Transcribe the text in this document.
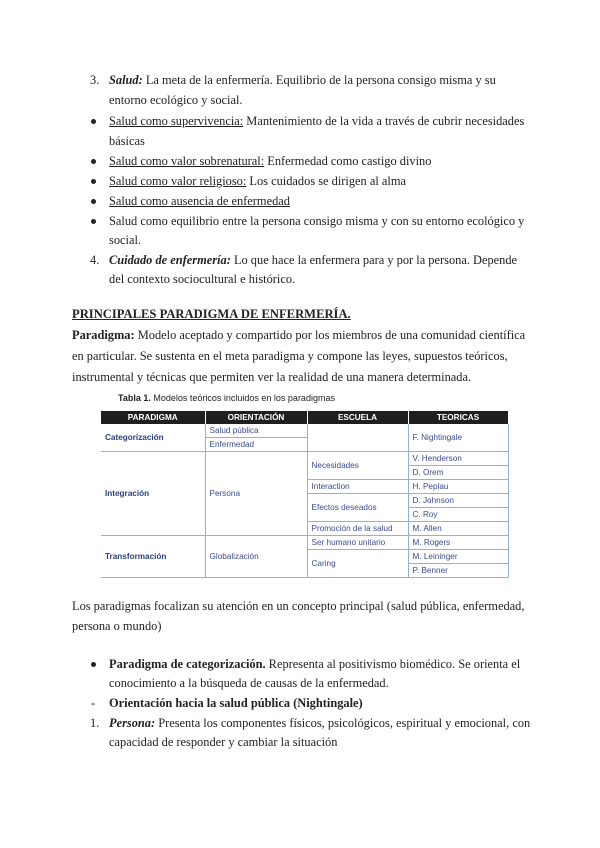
3. Salud: La meta de la enfermería. Equilibrio de la persona consigo misma y su
entorno ecológico y social.
Salud como supervivencia: Mantenimiento de la vida a través de cubrir necesidades
básicas
Salud como valor sobrenatural: Enfermedad como castigo divino
Salud como valor religioso: Los cuidados se dirigen al alma
Salud como ausencia de enfermedad
Salud como equilibrio entre la persona consigo misma y con su entorno ecológico y
social.
4. Cuidado de enfermería: Lo que hace la enfermera para y por la persona. Depende
del contexto sociocultural e histórico.
PRINCIPALES PARADIGMA DE ENFERMERÍA.
Paradigma: Modelo aceptado y compartido por los miembros de una comunidad científica
en particular. Se sustenta en el meta paradigma y compone las leyes, supuestos teóricos,
instrumental y técnicas que permiten ver la realidad de una manera determinada.
Tabla 1. Modelos teóricos incluidos en los paradigmas
PARADIGMA	ORIENTACIÓN	ESCUELA	TEORICAS
Categorización	Salud pública		F. Nightingale
	Enfermedad		
Integración	Persona	Necesidades	V. Henderson
			D. Orem

		Interaction	H. Peplau
		Efectos deseados	D. Johnson
			C. Roy
		Promoción de la salud	M. Allen
Transformación	Globalización	Ser humano unitario	M. Rogers
		Caring	M. Leininger
			P. Benner
Los paradigmas focalizan su atención en un concepto principal (salud pública, enfermedad,
persona o mundo)
Paradigma de categorización. Representa al positivismo biomédico. Se orienta el
conocimiento a la búsqueda de causas de la enfermedad.
- Orientación hacia la salud pública (Nightingale)
1. Persona: Presenta los componentes físicos, psicológicos, espiritual y emocional, con
capacidad de responder y cambiar la situación
